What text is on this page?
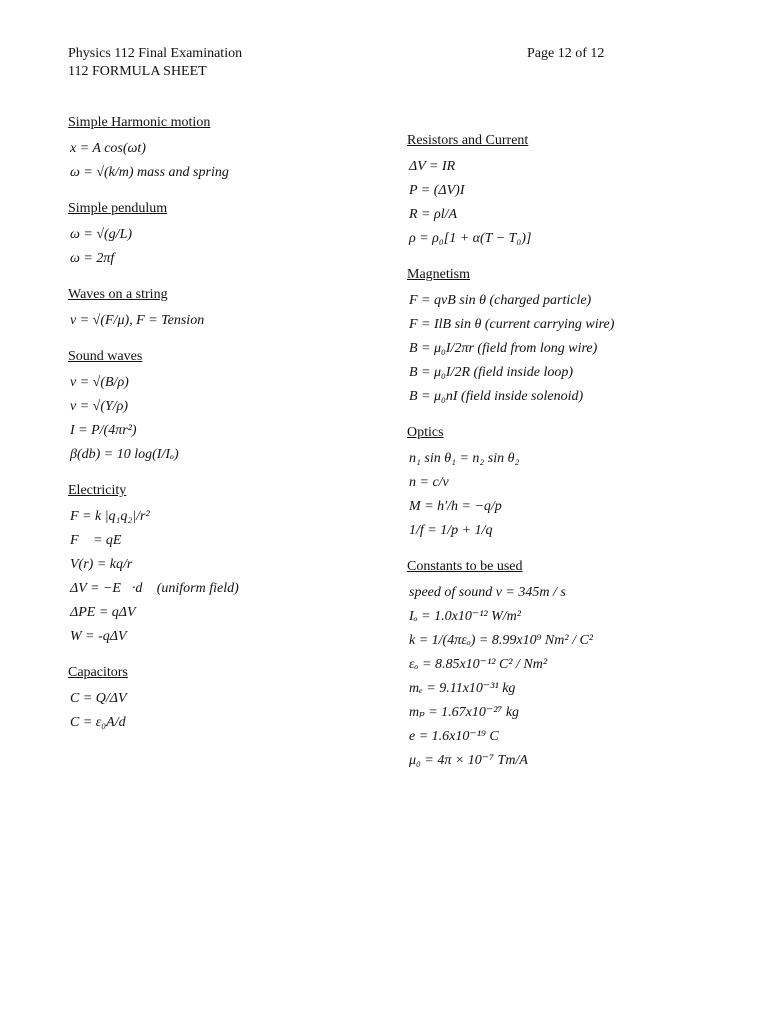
Physics 112 Final Examination
112 FORMULA SHEET
Page 12 of 12
Simple Harmonic motion
x = A cos(ωt)
ω = √(k/m) mass and spring
Simple pendulum
ω = √(g/L)
ω = 2πf
Waves on a string
v = √(F/μ), F = Tension
Sound waves
v = √(B/ρ)
v = √(Y/ρ)
I = P/(4πr²)
β(db) = 10 log(I/Iₒ)
Electricity
F = k |q₁q₂|/r²
F⃗ = qE⃗
V(r) = kq/r
ΔV = −E⃗·d⃗ (uniform field)
ΔPE = qΔV
W = -qΔV
Capacitors
C = Q/ΔV
C = ε₀A/d
Resistors and Current
ΔV = IR
P = (ΔV)I
R = ρl/A
ρ = ρ₀[1 + α(T − T₀)]
Magnetism
F = qvB sin θ (charged particle)
F = IlB sin θ (current carrying wire)
B = μ₀I/2πr (field from long wire)
B = μ₀I/2R (field inside loop)
B = μ₀nI (field inside solenoid)
Optics
n₁ sin θ₁ = n₂ sin θ₂
n = c/v
M = h'/h = −q/p
1/f = 1/p + 1/q
Constants to be used
speed of sound v = 345m / s
Iₒ = 1.0x10⁻¹² W/m²
k = 1/(4πεₒ) = 8.99x10⁹ Nm² / C²
εₒ = 8.85x10⁻¹² C² / Nm²
mₑ = 9.11x10⁻³¹ kg
mₚ = 1.67x10⁻²⁷ kg
e = 1.6x10⁻¹⁹ C
μ₀ = 4π × 10⁻⁷ Tm/A
